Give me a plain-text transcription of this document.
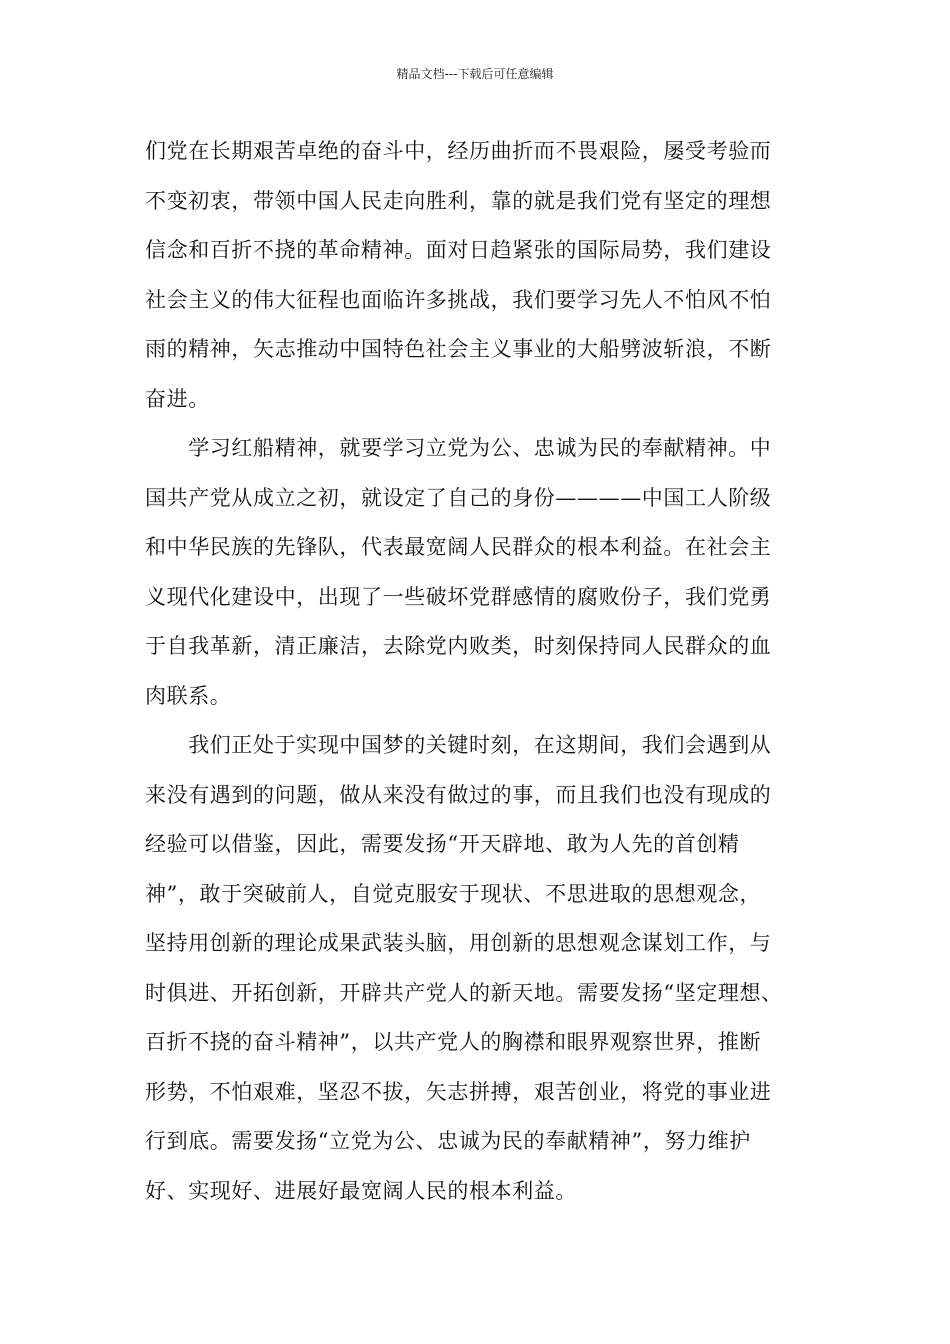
精品文档---下载后可任意编辑
们党在长期艰苦卓绝的奋斗中，经历曲折而不畏艰险，屡受考验而
不变初衷，带领中国人民走向胜利，靠的就是我们党有坚定的理想
信念和百折不挠的革命精神。面对日趋紧张的国际局势，我们建设
社会主义的伟大征程也面临许多挑战，我们要学习先人不怕风不怕
雨的精神，矢志推动中国特色社会主义事业的大船劈波斩浪，不断
奋进。
　　学习红船精神，就要学习立党为公、忠诚为民的奉献精神。中
国共产党从成立之初，就设定了自己的身份————中国工人阶级
和中华民族的先锋队，代表最宽阔人民群众的根本利益。在社会主
义现代化建设中，出现了一些破坏党群感情的腐败份子，我们党勇
于自我革新，清正廉洁，去除党内败类，时刻保持同人民群众的血
肉联系。
　　我们正处于实现中国梦的关键时刻，在这期间，我们会遇到从
来没有遇到的问题，做从来没有做过的事，而且我们也没有现成的
经验可以借鉴，因此，需要发扬“开天辟地、敢为人先的首创精
神”，敢于突破前人，自觉克服安于现状、不思进取的思想观念，
坚持用创新的理论成果武装头脑，用创新的思想观念谋划工作，与
时俱进、开拓创新，开辟共产党人的新天地。需要发扬“坚定理想、
百折不挠的奋斗精神”，以共产党人的胸襟和眼界观察世界，推断
形势，不怕艰难，坚忍不拔，矢志拼搏，艰苦创业，将党的事业进
行到底。需要发扬“立党为公、忠诚为民的奉献精神”，努力维护
好、实现好、进展好最宽阔人民的根本利益。
